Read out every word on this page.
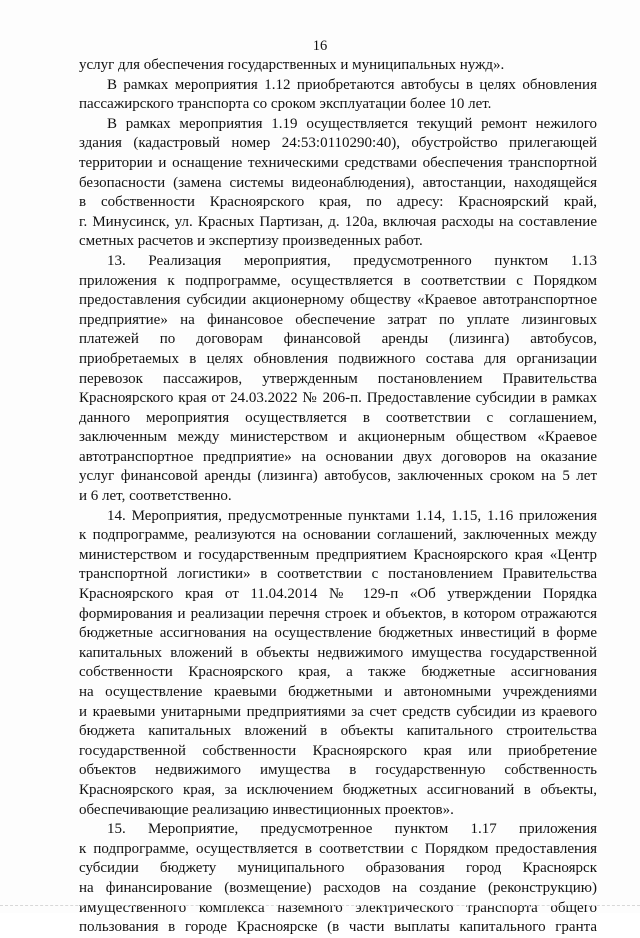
16
услуг для обеспечения государственных и муниципальных нужд».
В рамках мероприятия 1.12 приобретаются автобусы в целях обновления
пассажирского транспорта со сроком эксплуатации более 10 лет.
В рамках мероприятия 1.19 осуществляется текущий ремонт нежилого
здания (кадастровый номер 24:53:0110290:40), обустройство прилегающей
территории и оснащение техническими средствами обеспечения транспортной
безопасности (замена системы видеонаблюдения), автостанции, находящейся
в собственности Красноярского края, по адресу: Красноярский край,
г. Минусинск, ул. Красных Партизан, д. 120а, включая расходы на составление
сметных расчетов и экспертизу произведенных работ.
13. Реализация мероприятия, предусмотренного пунктом 1.13
приложения к подпрограмме, осуществляется в соответствии с Порядком
предоставления субсидии акционерному обществу «Краевое автотранспортное
предприятие» на финансовое обеспечение затрат по уплате лизинговых
платежей по договорам финансовой аренды (лизинга) автобусов,
приобретаемых в целях обновления подвижного состава для организации
перевозок пассажиров, утвержденным постановлением Правительства
Красноярского края от 24.03.2022 № 206-п. Предоставление субсидии в рамках
данного мероприятия осуществляется в соответствии с соглашением,
заключенным между министерством и акционерным обществом «Краевое
автотранспортное предприятие» на основании двух договоров на оказание
услуг финансовой аренды (лизинга) автобусов, заключенных сроком на 5 лет
и 6 лет, соответственно.
14. Мероприятия, предусмотренные пунктами 1.14, 1.15, 1.16 приложения
к подпрограмме, реализуются на основании соглашений, заключенных между
министерством и государственным предприятием Красноярского края «Центр
транспортной логистики» в соответствии с постановлением Правительства
Красноярского края от 11.04.2014 № 129-п «Об утверждении Порядка
формирования и реализации перечня строек и объектов, в котором отражаются
бюджетные ассигнования на осуществление бюджетных инвестиций в форме
капитальных вложений в объекты недвижимого имущества государственной
собственности Красноярского края, а также бюджетные ассигнования
на осуществление краевыми бюджетными и автономными учреждениями
и краевыми унитарными предприятиями за счет средств субсидии из краевого
бюджета капитальных вложений в объекты капитального строительства
государственной собственности Красноярского края или приобретение
объектов недвижимого имущества в государственную собственность
Красноярского края, за исключением бюджетных ассигнований в объекты,
обеспечивающие реализацию инвестиционных проектов».
15. Мероприятие, предусмотренное пунктом 1.17 приложения
к подпрограмме, осуществляется в соответствии с Порядком предоставления
субсидии бюджету муниципального образования город Красноярск
на финансирование (возмещение) расходов на создание (реконструкцию)
имущественного комплекса наземного электрического транспорта общего
пользования в городе Красноярске (в части выплаты капитального гранта
